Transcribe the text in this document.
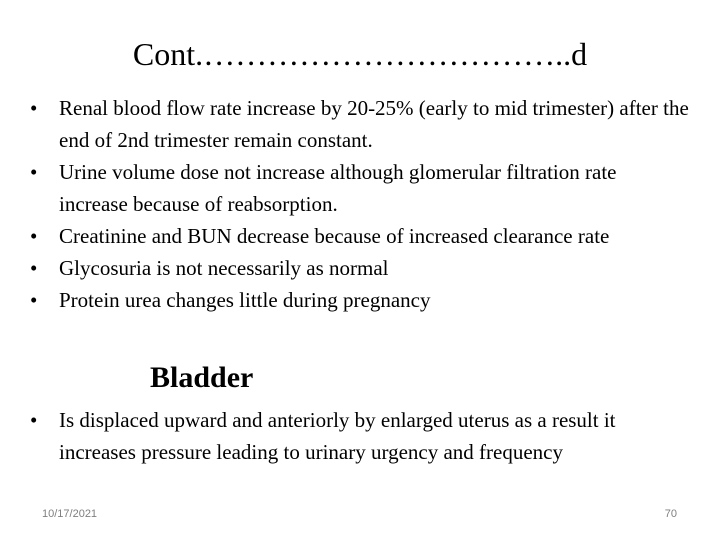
Cont.……………………………..d
•	Renal blood flow rate increase by 20-25% (early to mid trimester) after the end of 2nd trimester remain constant.
•	Urine volume dose not increase although glomerular filtration rate increase because of reabsorption.
•	Creatinine and BUN decrease because of increased clearance rate
•	Glycosuria is not necessarily as normal
•	Protein urea changes little during pregnancy
Bladder
•	Is displaced upward and anteriorly by enlarged uterus as a result it increases pressure leading to urinary urgency and frequency
10/17/2021	70
